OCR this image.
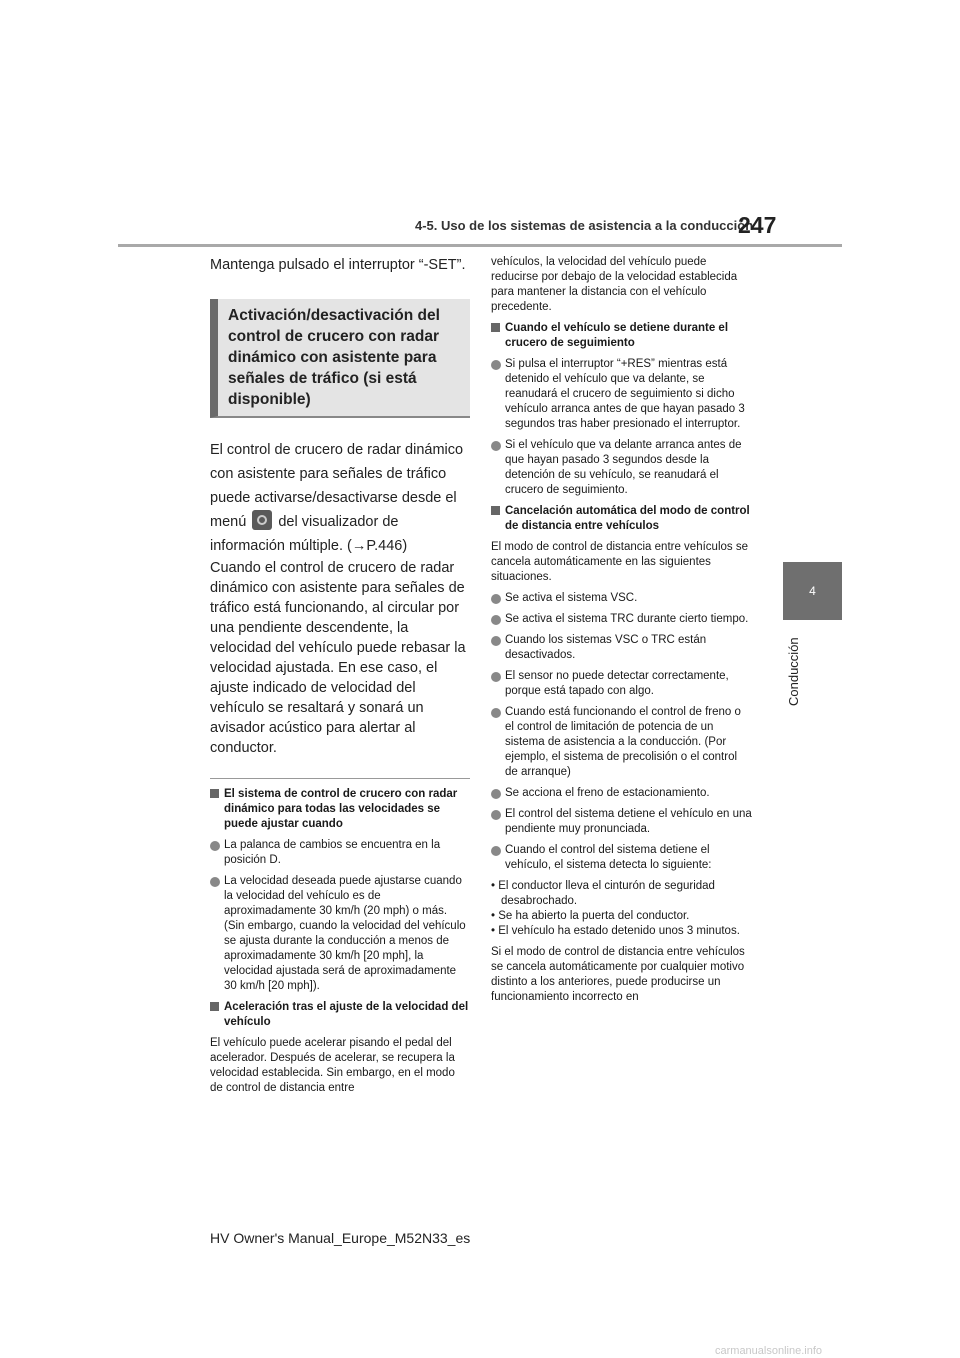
4-5. Uso de los sistemas de asistencia a la conducción
247
4
Conducción

Mantenga pulsado el interruptor “-SET”.

Activación/desactivación del control de crucero con radar dinámico con asistente para señales de tráfico (si está disponible)

El control de crucero de radar dinámico con asistente para señales de tráfico puede activarse/desactivarse desde el menú del visualizador de información múltiple. (→P.446)

Cuando el control de crucero de radar dinámico con asistente para señales de tráfico está funcionando, al circular por una pendiente descendente, la velocidad del vehículo puede rebasar la velocidad ajustada. En ese caso, el ajuste indicado de velocidad del vehículo se resaltará y sonará un avisador acústico para alertar al conductor.

El sistema de control de crucero con radar dinámico para todas las velocidades se puede ajustar cuando

La palanca de cambios se encuentra en la posición D.

La velocidad deseada puede ajustarse cuando la velocidad del vehículo es de aproximadamente 30 km/h (20 mph) o más.
(Sin embargo, cuando la velocidad del vehículo se ajusta durante la conducción a menos de aproximadamente 30 km/h [20 mph], la velocidad ajustada será de aproximadamente 30 km/h [20 mph]).

Aceleración tras el ajuste de la velocidad del vehículo

El vehículo puede acelerar pisando el pedal del acelerador. Después de acelerar, se recupera la velocidad establecida. Sin embargo, en el modo de control de distancia entre

vehículos, la velocidad del vehículo puede reducirse por debajo de la velocidad establecida para mantener la distancia con el vehículo precedente.

Cuando el vehículo se detiene durante el crucero de seguimiento

Si pulsa el interruptor “+RES” mientras está detenido el vehículo que va delante, se reanudará el crucero de seguimiento si dicho vehículo arranca antes de que hayan pasado 3 segundos tras haber presionado el interruptor.

Si el vehículo que va delante arranca antes de que hayan pasado 3 segundos desde la detención de su vehículo, se reanudará el crucero de seguimiento.

Cancelación automática del modo de control de distancia entre vehículos

El modo de control de distancia entre vehículos se cancela automáticamente en las siguientes situaciones.

Se activa el sistema VSC.

Se activa el sistema TRC durante cierto tiempo.

Cuando los sistemas VSC o TRC están desactivados.

El sensor no puede detectar correctamente, porque está tapado con algo.

Cuando está funcionando el control de freno o el control de limitación de potencia de un sistema de asistencia a la conducción. (Por ejemplo, el sistema de precolisión o el control de arranque)

Se acciona el freno de estacionamiento.

El control del sistema detiene el vehículo en una pendiente muy pronunciada.

Cuando el control del sistema detiene el vehículo, el sistema detecta lo siguiente:
• El conductor lleva el cinturón de seguridad desabrochado.
• Se ha abierto la puerta del conductor.
• El vehículo ha estado detenido unos 3 minutos.

Si el modo de control de distancia entre vehículos se cancela automáticamente por cualquier motivo distinto a los anteriores, puede producirse un funcionamiento incorrecto en

HV Owner's Manual_Europe_M52N33_es
carmanualsonline.info
